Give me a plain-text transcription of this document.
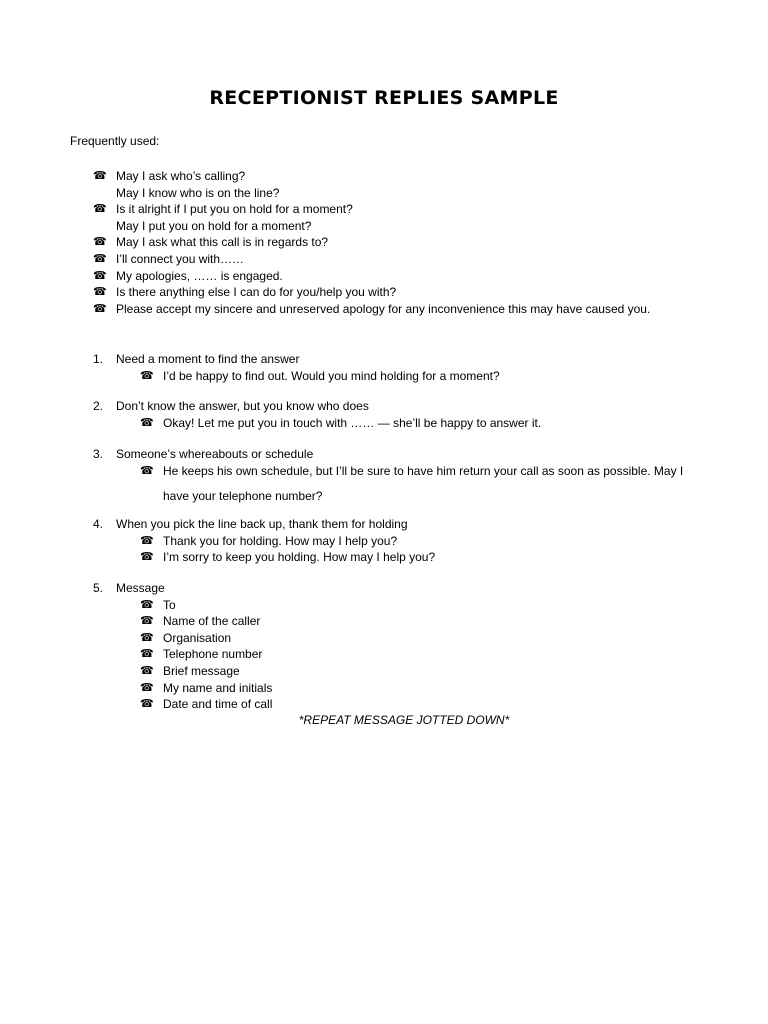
RECEPTIONIST REPLIES SAMPLE
Frequently used:
☎ May I ask who’s calling?
May I know who is on the line?
☎ Is it alright if I put you on hold for a moment?
May I put you on hold for a moment?
☎ May I ask what this call is in regards to?
☎ I’ll connect you with……
☎ My apologies, …… is engaged.
☎ Is there anything else I can do for you/help you with?
☎ Please accept my sincere and unreserved apology for any inconvenience this may have caused you.
1. Need a moment to find the answer
☎ I’d be happy to find out. Would you mind holding for a moment?
2. Don’t know the answer, but you know who does
☎ Okay! Let me put you in touch with …… — she’ll be happy to answer it.
3. Someone’s whereabouts or schedule
☎ He keeps his own schedule, but I’ll be sure to have him return your call as soon as possible. May I have your telephone number?
4. When you pick the line back up, thank them for holding
☎ Thank you for holding. How may I help you?
☎ I’m sorry to keep you holding. How may I help you?
5. Message
☎ To
☎ Name of the caller
☎ Organisation
☎ Telephone number
☎ Brief message
☎ My name and initials
☎ Date and time of call
*REPEAT MESSAGE JOTTED DOWN*
